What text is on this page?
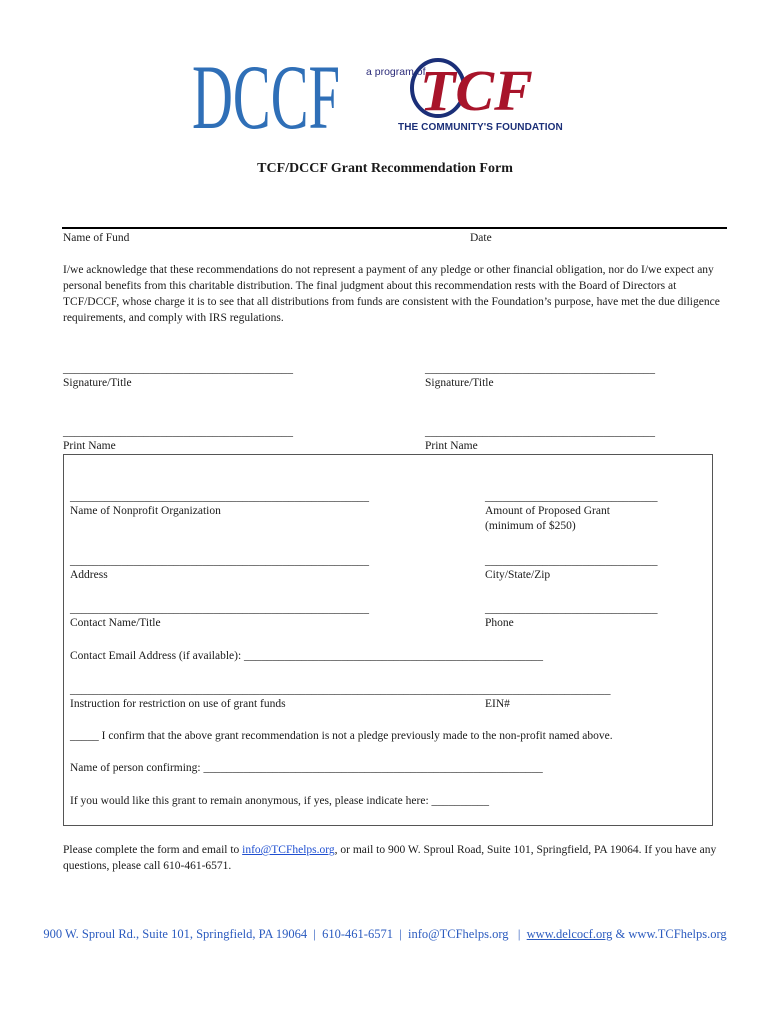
DCCF a program of
TCF
THE COMMUNITY'S FOUNDATION
TCF/DCCF Grant Recommendation Form
Name of Fund	Date
I/we acknowledge that these recommendations do not represent a payment of any pledge or other financial obligation, nor do I/we expect any personal benefits from this charitable distribution. The final judgment about this recommendation rests with the Board of Directors at TCF/DCCF, whose charge it is to see that all distributions from funds are consistent with the Foundation’s purpose, have met the due diligence requirements, and comply with IRS regulations.
________________________________________	________________________________________
Signature/Title	Signature/Title
________________________________________	________________________________________
Print Name	Print Name
____________________________________________________	______________________________
Name of Nonprofit Organization	Amount of Proposed Grant
(minimum of $250)
____________________________________________________	______________________________
Address	City/State/Zip
____________________________________________________	______________________________
Contact Name/Title	Phone
Contact Email Address (if available): ____________________________________________________
______________________________________________________________________________________________
Instruction for restriction on use of grant funds	EIN#
_____ I confirm that the above grant recommendation is not a pledge previously made to the non-profit named above.
Name of person confirming: ___________________________________________________________
If you would like this grant to remain anonymous, if yes, please indicate here: __________
Please complete the form and email to info@TCFhelps.org, or mail to 900 W. Sproul Road, Suite 101, Springfield, PA 19064. If you have any questions, please call 610-461-6571.
900 W. Sproul Rd., Suite 101, Springfield, PA 19064 | 610-461-6571 | info@TCFhelps.org | www.delcocf.org & www.TCFhelps.org
